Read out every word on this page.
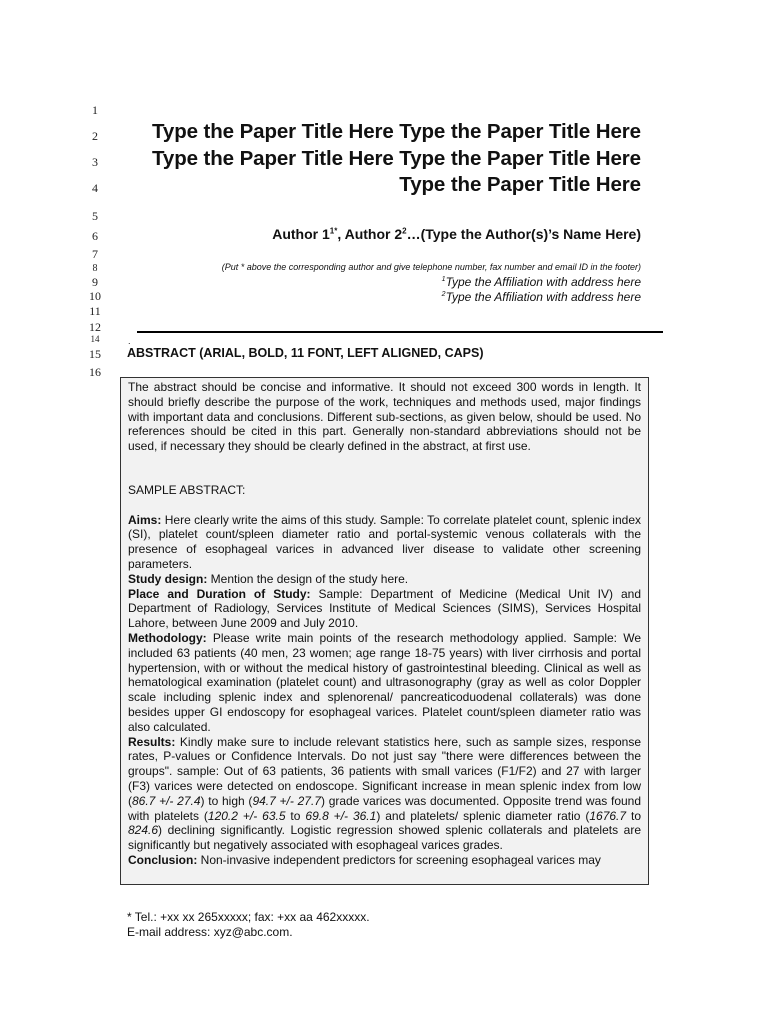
1
2
3
4
5
6
7
8
9
10
11
12
14
15
16
Type the Paper Title Here Type the Paper Title Here Type the Paper Title Here Type the Paper Title Here Type the Paper Title Here
Author $1^{1*}$, Author $2^2\dots(Type$ the Author(s)’s Name Here)
(Put * above the corresponding author and give telephone number, fax number and email ID in the footer)
$^1$Type the Affiliation with address here
$^2$Type the Affiliation with address here
.
ABSTRACT (ARIAL, BOLD, 11 FONT, LEFT ALIGNED, CAPS)

The abstract should be concise and informative. It should not exceed 300 words in length. It should briefly describe the purpose of the work, techniques and methods used, major findings with important data and conclusions. Different sub-sections, as given below, should be used. No references should be cited in this part. Generally non-standard abbreviations should not be used, if necessary they should be clearly defined in the abstract, at first use.

SAMPLE ABSTRACT:

Aims: Here clearly write the aims of this study. Sample: To correlate platelet count, splenic index (SI), platelet count/spleen diameter ratio and portal-systemic venous collaterals with the presence of esophageal varices in advanced liver disease to validate other screening parameters.

Study design: Mention the design of the study here.

Place and Duration of Study: Sample: Department of Medicine (Medical Unit IV) and Department of Radiology, Services Institute of Medical Sciences (SIMS), Services Hospital Lahore, between June 2009 and July 2010.

Methodology: Please write main points of the research methodology applied. Sample: We included 63 patients (40 men, 23 women; age range 18-75 years) with liver cirrhosis and portal hypertension, with or without the medical history of gastrointestinal bleeding. Clinical as well as hematological examination (platelet count) and ultrasonography (gray as well as color Doppler scale including splenic index and splenorenal/ pancreaticoduodenal collaterals) was done besides upper GI endoscopy for esophageal varices. Platelet count/spleen diameter ratio was also calculated.

Results: Kindly make sure to include relevant statistics here, such as sample sizes, response rates, P-values or Confidence Intervals. Do not just say "there were differences between the groups". sample: Out of 63 patients, 36 patients with small varices (F1/F2) and 27 with larger (F3) varices were detected on endoscope. Significant increase in mean splenic index from low (86.7 +/- 27.4) to high (94.7 +/- 27.7) grade varices was documented. Opposite trend was found with platelets (120.2 +/- 63.5 to 69.8 +/- 36.1) and platelets/ splenic diameter ratio (1676.7 to 824.6) declining significantly. Logistic regression showed splenic collaterals and platelets are significantly but negatively associated with esophageal varices grades.

Conclusion: Non-invasive independent predictors for screening esophageal varices may

* Tel.: +xx xx 265xxxxx; fax: +xx aa 462xxxxx.
E-mail address: xyz@abc.com.
